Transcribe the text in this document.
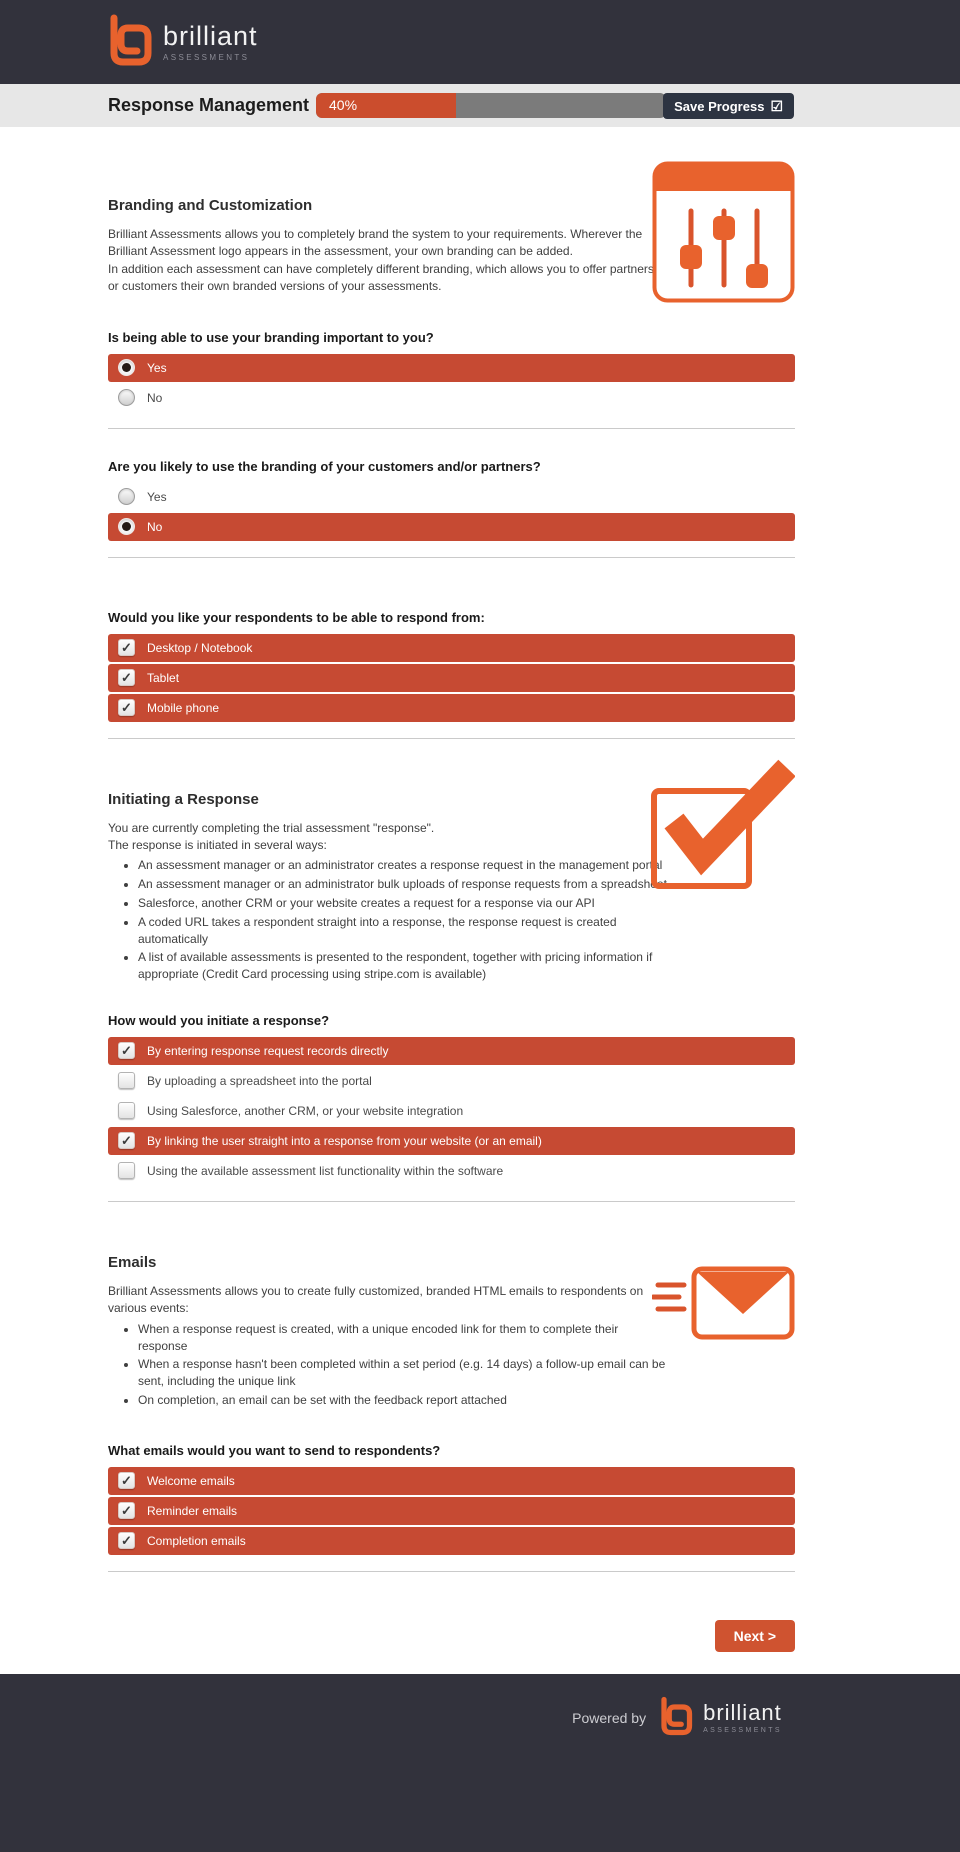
brilliant
ASSESSMENTS
Response Management	40%	Save Progress ☑
Branding and Customization

Brilliant Assessments allows you to completely brand the system to your requirements. Wherever the Brilliant Assessment logo appears in the assessment, your own branding can be added.

In addition each assessment can have completely different branding, which allows you to offer partners or customers their own branded versions of your assessments.

Is being able to use your branding important to you?
Yes
No
Are you likely to use the branding of your customers and/or partners?
Yes
No
Would you like your respondents to be able to respond from:
✓
Desktop / Notebook
✓
Tablet
✓
Mobile phone
Initiating a Response

You are currently completing the trial assessment "response".

The response is initiated in several ways:

• An assessment manager or an administrator creates a response request in the management portal
• An assessment manager or an administrator bulk uploads of response requests from a spreadsheet
• Salesforce, another CRM or your website creates a request for a response via our API
• A coded URL takes a respondent straight into a response, the response request is created automatically
• A list of available assessments is presented to the respondent, together with pricing information if appropriate (Credit Card processing using stripe.com is available)
How would you initiate a response?
✓
By entering response request records directly
By uploading a spreadsheet into the portal
Using Salesforce, another CRM, or your website integration
✓
By linking the user straight into a response from your website (or an email)
Using the available assessment list functionality within the software
Emails

Brilliant Assessments allows you to create fully customized, branded HTML emails to respondents on various events:

• When a response request is created, with a unique encoded link for them to complete their response
• When a response hasn't been completed within a set period (e.g. 14 days) a follow-up email can be sent, including the unique link
• On completion, an email can be set with the feedback report attached
What emails would you want to send to respondents?
✓
Welcome emails
✓
Reminder emails
✓
Completion emails
Next >
Powered by	brilliant
ASSESSMENTS
